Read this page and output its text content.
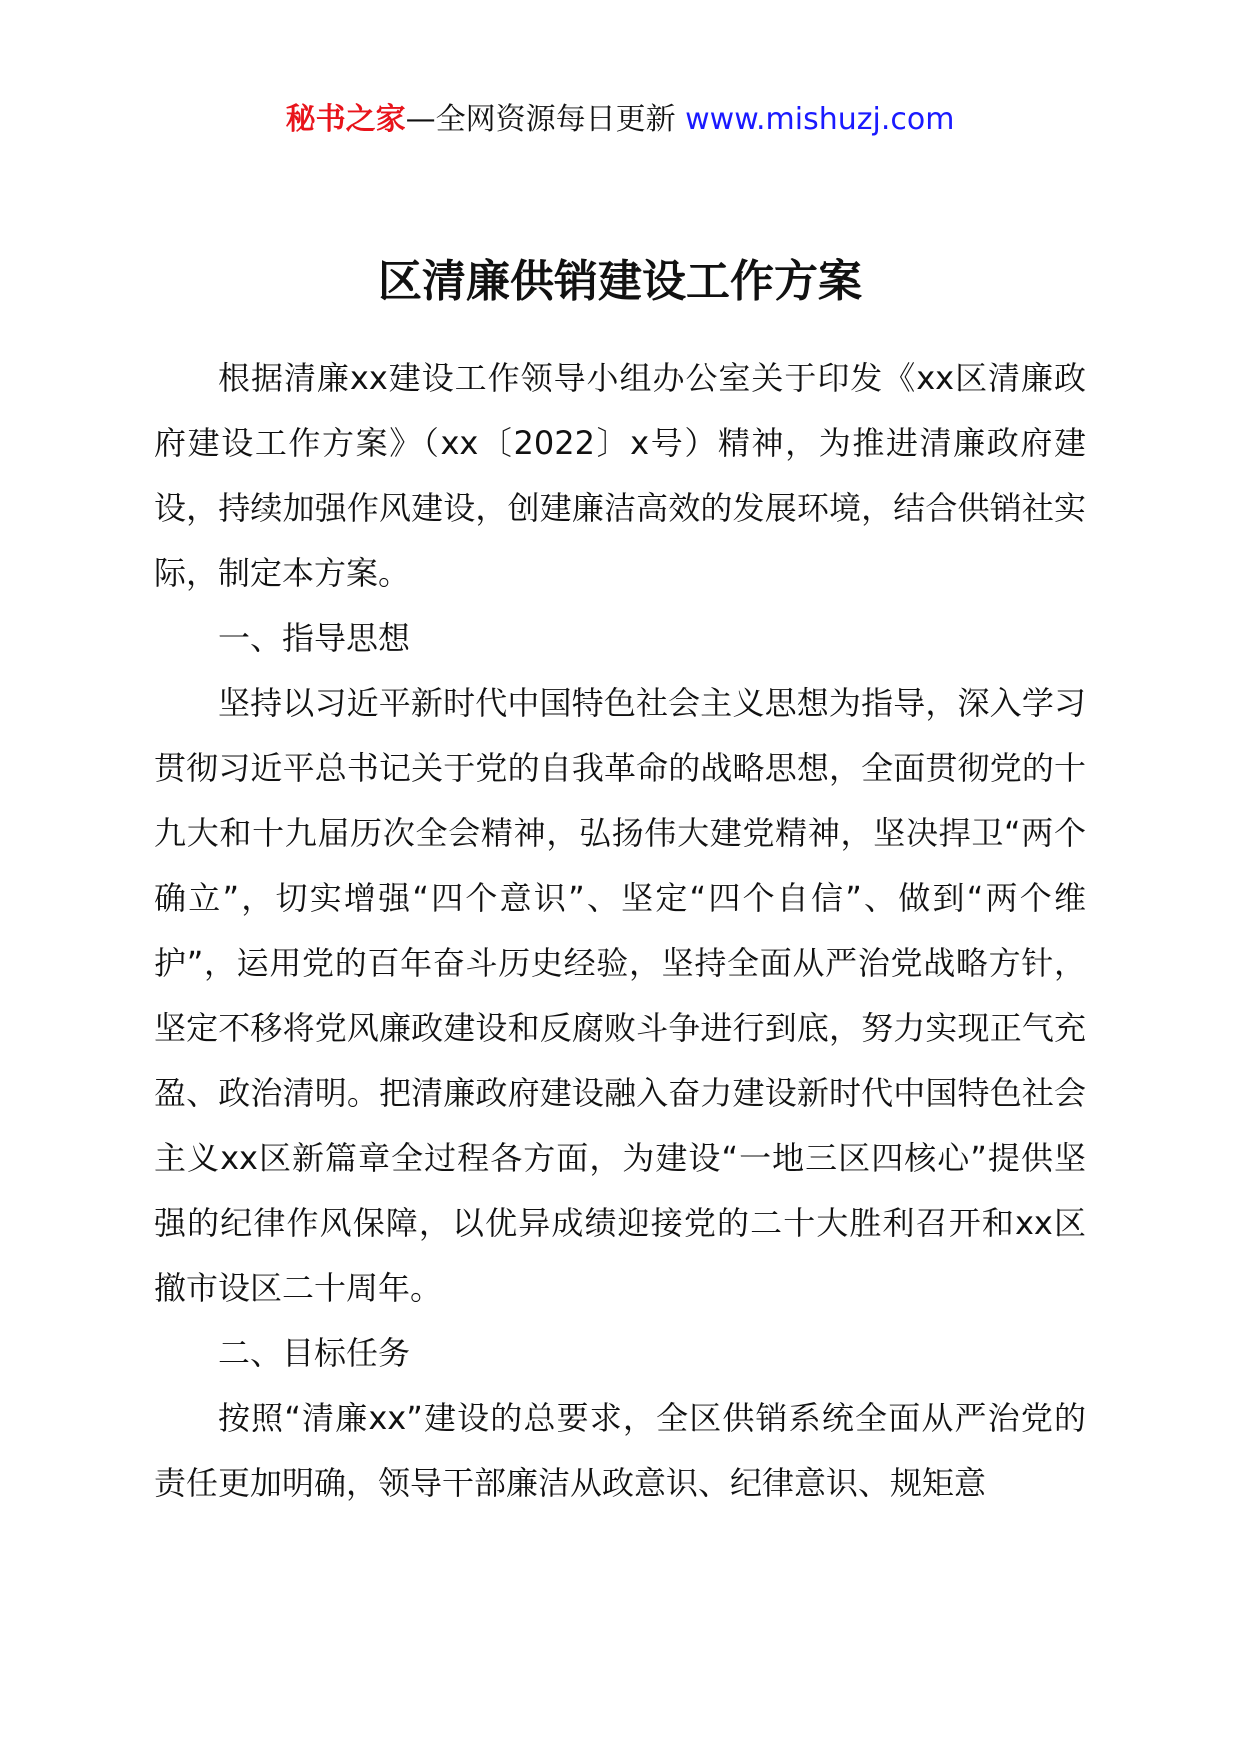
秘书之家—全网资源每日更新 www.mishuzj.com
区清廉供销建设工作方案

根据清廉xx建设工作领导小组办公室关于印发《xx区清廉政府建设工作方案》（xx〔2022〕x号）精神，为推进清廉政府建设，持续加强作风建设，创建廉洁高效的发展环境，结合供销社实际，制定本方案。

一、指导思想

坚持以习近平新时代中国特色社会主义思想为指导，深入学习贯彻习近平总书记关于党的自我革命的战略思想，全面贯彻党的十九大和十九届历次全会精神，弘扬伟大建党精神，坚决捍卫“两个确立”，切实增强“四个意识”、坚定“四个自信”、做到“两个维护”，运用党的百年奋斗历史经验，坚持全面从严治党战略方针，坚定不移将党风廉政建设和反腐败斗争进行到底，努力实现正气充盈、政治清明。把清廉政府建设融入奋力建设新时代中国特色社会主义xx区新篇章全过程各方面，为建设“一地三区四核心”提供坚强的纪律作风保障，以优异成绩迎接党的二十大胜利召开和xx区撤市设区二十周年。

二、目标任务

按照“清廉xx”建设的总要求，全区供销系统全面从严治党的责任更加明确，领导干部廉洁从政意识、纪律意识、规矩意
